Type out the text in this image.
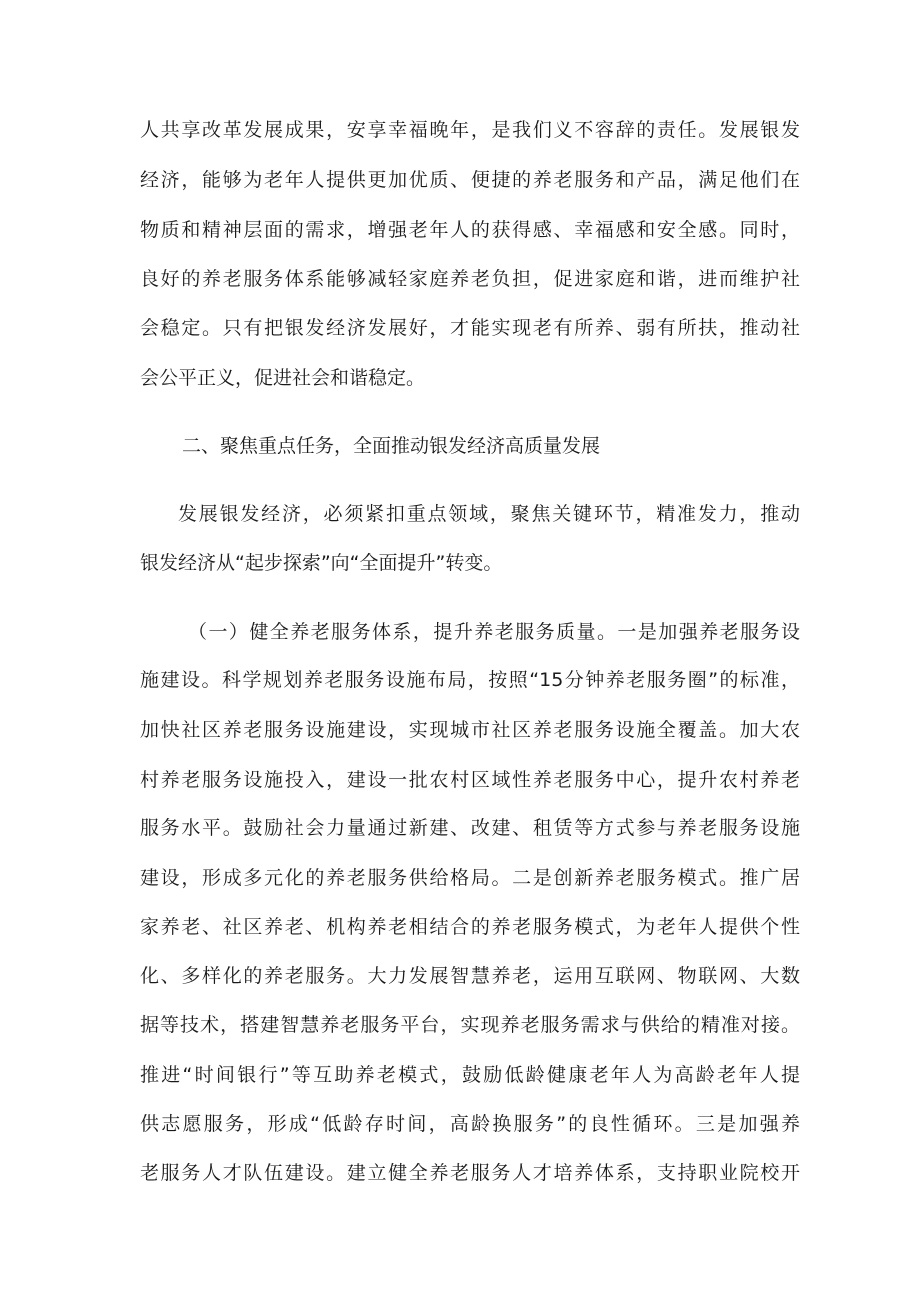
人共享改革发展成果，安享幸福晚年，是我们义不容辞的责任。发展银发
经济，能够为老年人提供更加优质、便捷的养老服务和产品，满足他们在
物质和精神层面的需求，增强老年人的获得感、幸福感和安全感。同时，
良好的养老服务体系能够减轻家庭养老负担，促进家庭和谐，进而维护社
会稳定。只有把银发经济发展好，才能实现老有所养、弱有所扶，推动社
会公平正义，促进社会和谐稳定。
二、聚焦重点任务，全面推动银发经济高质量发展
发展银发经济，必须紧扣重点领域，聚焦关键环节，精准发力，推动
银发经济从“起步探索”向“全面提升”转变。
（一）健全养老服务体系，提升养老服务质量。一是加强养老服务设
施建设。科学规划养老服务设施布局，按照“15分钟养老服务圈”的标准，
加快社区养老服务设施建设，实现城市社区养老服务设施全覆盖。加大农
村养老服务设施投入，建设一批农村区域性养老服务中心，提升农村养老
服务水平。鼓励社会力量通过新建、改建、租赁等方式参与养老服务设施
建设，形成多元化的养老服务供给格局。二是创新养老服务模式。推广居
家养老、社区养老、机构养老相结合的养老服务模式，为老年人提供个性
化、多样化的养老服务。大力发展智慧养老，运用互联网、物联网、大数
据等技术，搭建智慧养老服务平台，实现养老服务需求与供给的精准对接。
推进“时间银行”等互助养老模式，鼓励低龄健康老年人为高龄老年人提
供志愿服务，形成“低龄存时间，高龄换服务”的良性循环。三是加强养
老服务人才队伍建设。建立健全养老服务人才培养体系，支持职业院校开
